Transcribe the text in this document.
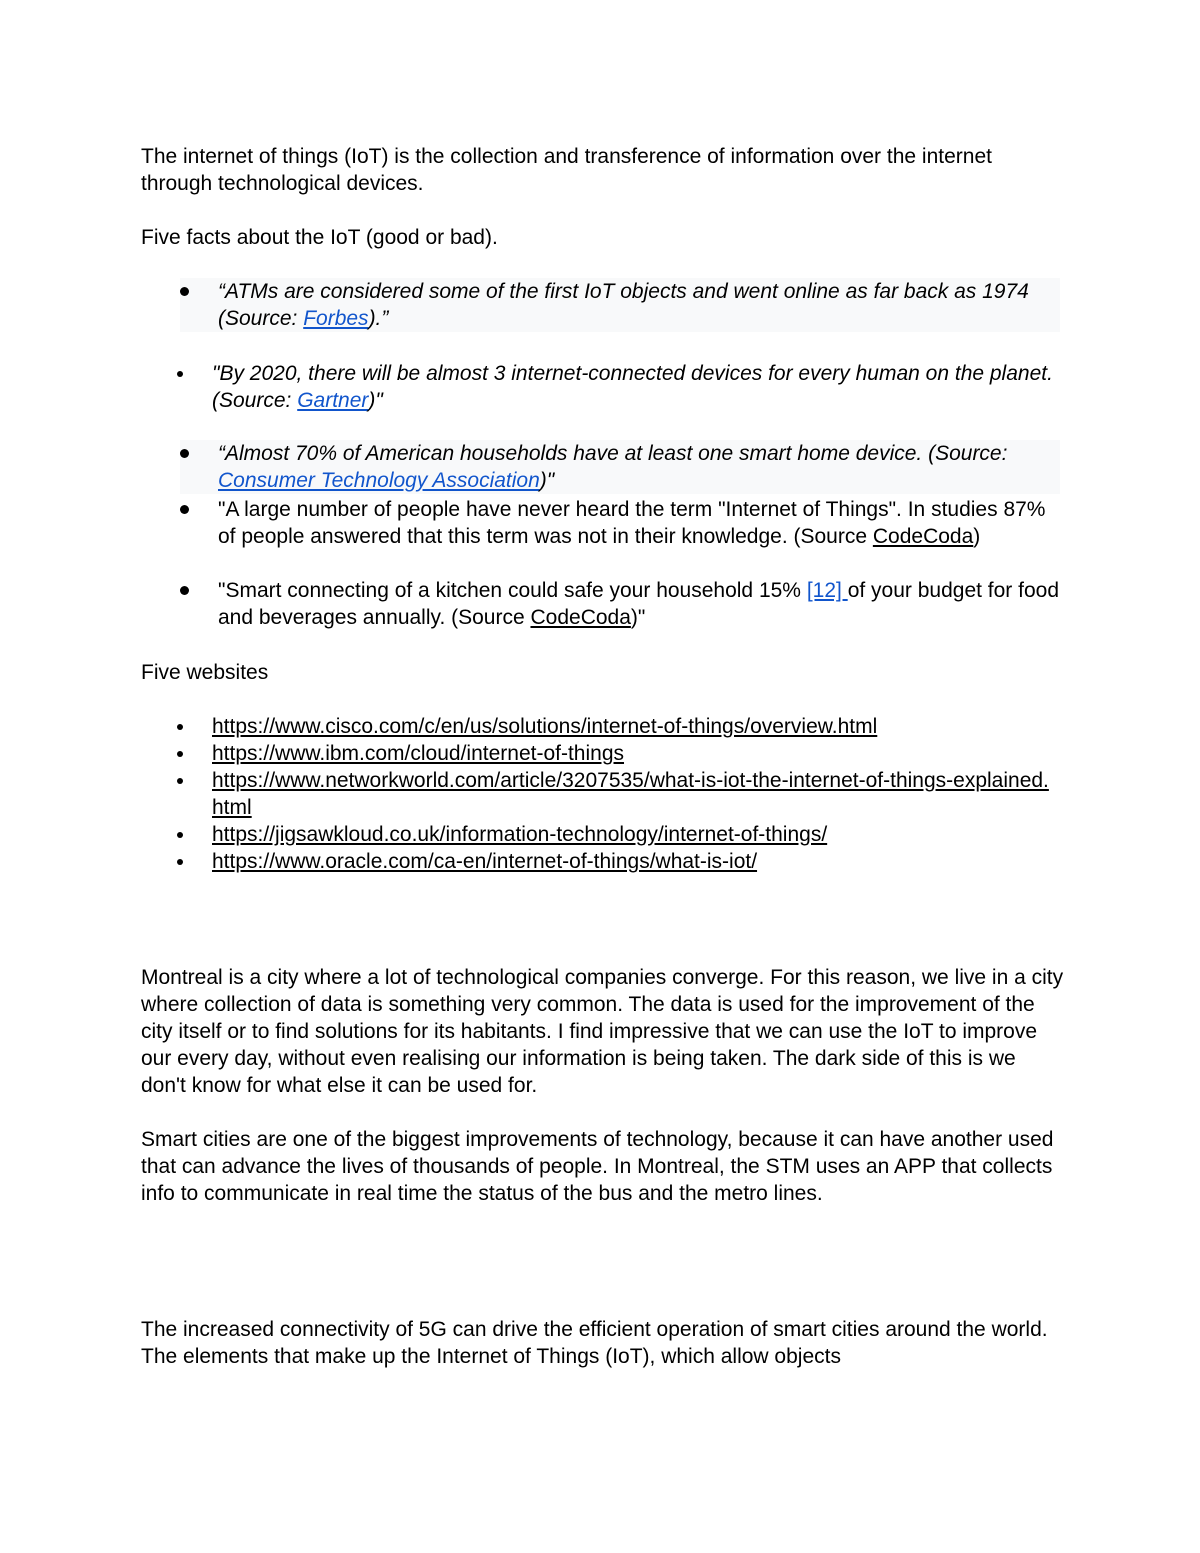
The internet of things (IoT) is the collection and transference of information over the internet through technological devices.

Five facts about the IoT (good or bad).

“ATMs are considered some of the first IoT objects and went online as far back as 1974 (Source: Forbes).”
"By 2020, there will be almost 3 internet-connected devices for every human on the planet. (Source: Gartner)"
“Almost 70% of American households have at least one smart home device. (Source: Consumer Technology Association)"
"A large number of people have never heard the term "Internet of Things". In studies 87% of people answered that this term was not in their knowledge. (Source CodeCoda)
"Smart connecting of a kitchen could safe your household 15% [12] of your budget for food and beverages annually. (Source CodeCoda)"

Five websites

https://www.cisco.com/c/en/us/solutions/internet-of-things/overview.html
https://www.ibm.com/cloud/internet-of-things
https://www.networkworld.com/article/3207535/what-is-iot-the-internet-of-things-explained.html
https://jigsawkloud.co.uk/information-technology/internet-of-things/
https://www.oracle.com/ca-en/internet-of-things/what-is-iot/

Montreal is a city where a lot of technological companies converge. For this reason, we live in a city where collection of data is something very common. The data is used for the improvement of the city itself or to find solutions for its habitants. I find impressive that we can use the IoT to improve our every day, without even realising our information is being taken. The dark side of this is we don't know for what else it can be used for.

Smart cities are one of the biggest improvements of technology, because it can have another used that can advance the lives of thousands of people. In Montreal, the STM uses an APP that collects info to communicate in real time the status of the bus and the metro lines.

The increased connectivity of 5G can drive the efficient operation of smart cities around the world. The elements that make up the Internet of Things (IoT), which allow objects
